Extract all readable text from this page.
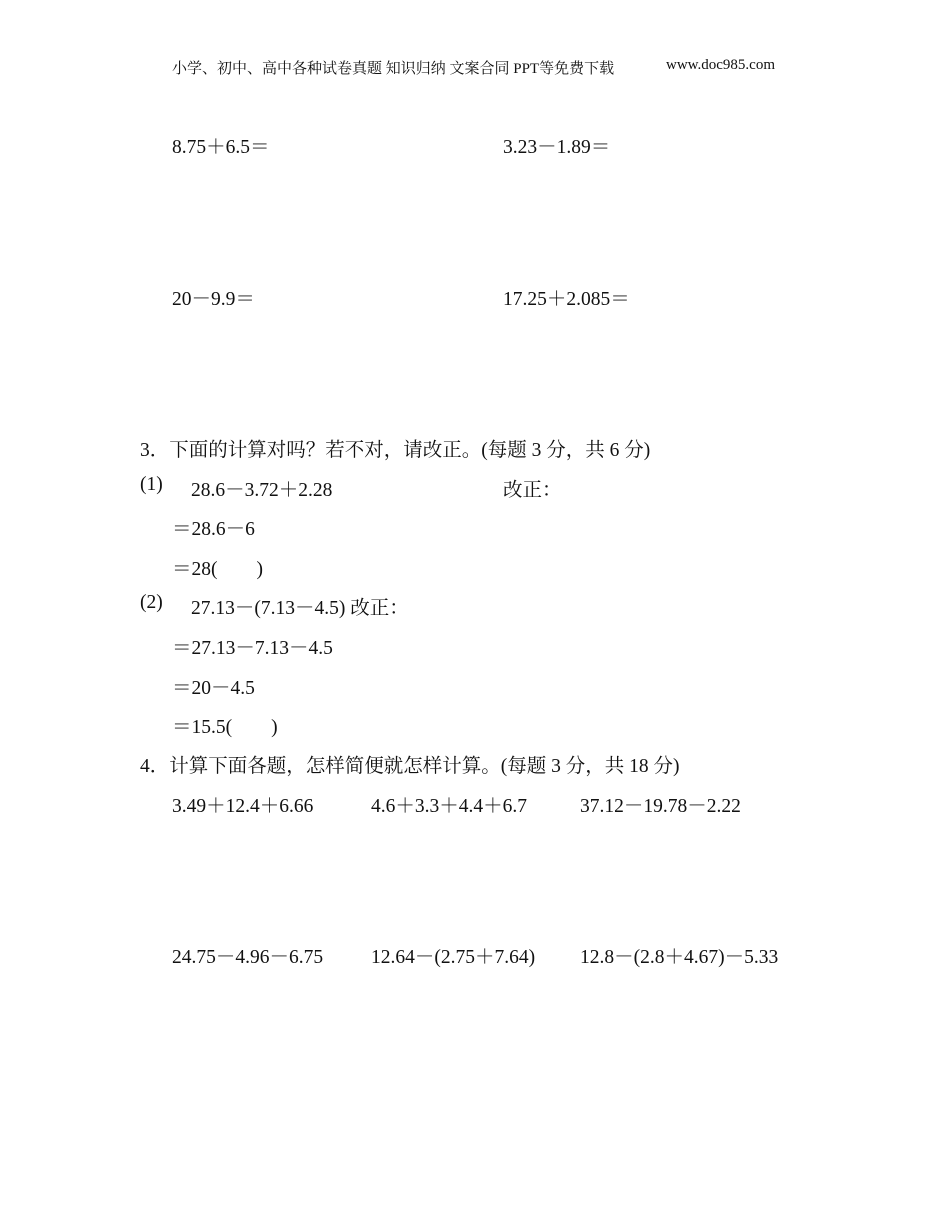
小学、初中、高中各种试卷真题 知识归纳 文案合同 PPT等免费下载	www.doc985.com
8.75＋6.5＝	3.23－1.89＝
20－9.9＝	17.25＋2.085＝
3．下面的计算对吗？若不对，请改正。(每题 3 分，共 6 分)
(1) 28.6－3.72＋2.28	改正：
＝28.6－6
＝28(　　)
(2) 27.13－(7.13－4.5) 改正：
＝27.13－7.13－4.5
＝20－4.5
＝15.5(　　)
4．计算下面各题，怎样简便就怎样计算。(每题 3 分，共 18 分)
3.49＋12.4＋6.66	4.6＋3.3＋4.4＋6.7	37.12－19.78－2.22
24.75－4.96－6.75 12.64－(2.75＋7.64) 12.8－(2.8＋4.67)－5.33
